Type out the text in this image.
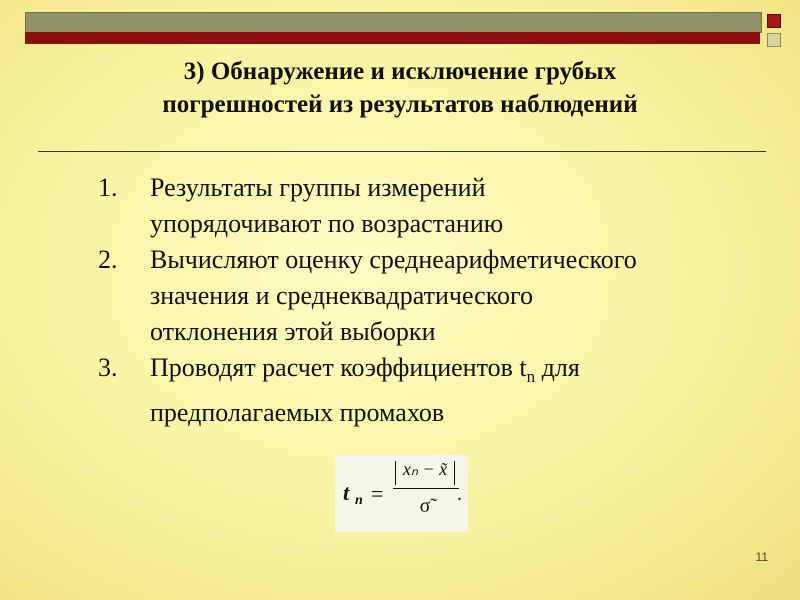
3) Обнаружение и исключение грубых
погрешностей из результатов наблюдений
1. Результаты группы измерений
упорядочивают по возрастанию
2. Вычисляют оценку среднеарифметического
значения и среднеквадратического
отклонения этой выборки
3. Проводят расчет коэффициентов $t_n$ для
предполагаемых промахов
t n =
xₙ − x̃
σ̃
.
11
